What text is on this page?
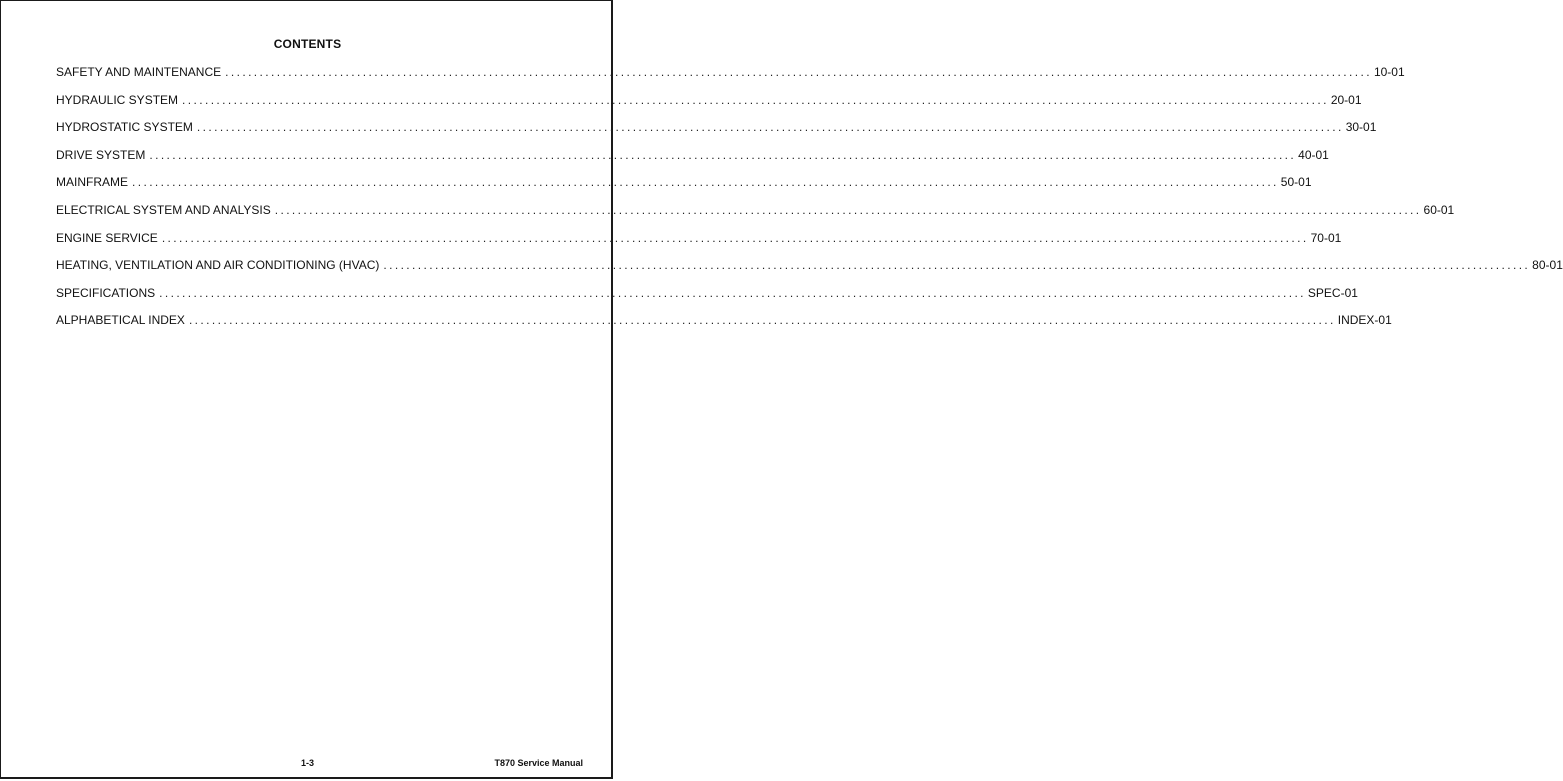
CONTENTS
SAFETY AND MAINTENANCE ........................................................................................................................................................................................................ 10-01
HYDRAULIC SYSTEM ........................................................................................................................................................................................................ 20-01
HYDROSTATIC SYSTEM ........................................................................................................................................................................................................ 30-01
DRIVE SYSTEM ........................................................................................................................................................................................................ 40-01
MAINFRAME ........................................................................................................................................................................................................ 50-01
ELECTRICAL SYSTEM AND ANALYSIS ........................................................................................................................................................................................................ 60-01
ENGINE SERVICE ........................................................................................................................................................................................................ 70-01
HEATING, VENTILATION AND AIR CONDITIONING (HVAC) ........................................................................................................................................................................................................ 80-01
SPECIFICATIONS ........................................................................................................................................................................................................ SPEC-01
ALPHABETICAL INDEX ........................................................................................................................................................................................................ INDEX-01
1-3	T870 Service Manual
